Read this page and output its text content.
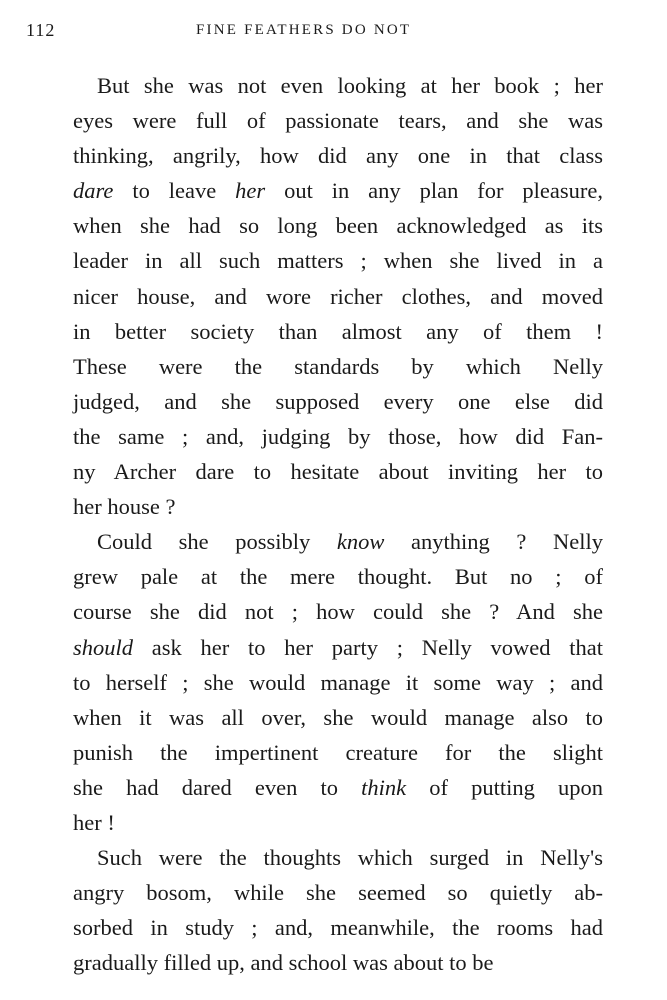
112	FINE FEATHERS DO NOT
But she was not even looking at her book ; her
eyes were full of passionate tears, and she was
thinking, angrily, how did any one in that class
dare to leave her out in any plan for pleasure,
when she had so long been acknowledged as its
leader in all such matters ; when she lived in a
nicer house, and wore richer clothes, and moved
in better society than almost any of them !
These were the standards by which Nelly
judged, and she supposed every one else did
the same ; and, judging by those, how did Fan-
ny Archer dare to hesitate about inviting her to
her house ?
Could she possibly know anything ? Nelly
grew pale at the mere thought. But no ; of
course she did not ; how could she ? And she
should ask her to her party ; Nelly vowed that
to herself ; she would manage it some way ; and
when it was all over, she would manage also to
punish the impertinent creature for the slight
she had dared even to think of putting upon
her !
Such were the thoughts which surged in Nelly's
angry bosom, while she seemed so quietly ab-
sorbed in study ; and, meanwhile, the rooms had
gradually filled up, and school was about to be
